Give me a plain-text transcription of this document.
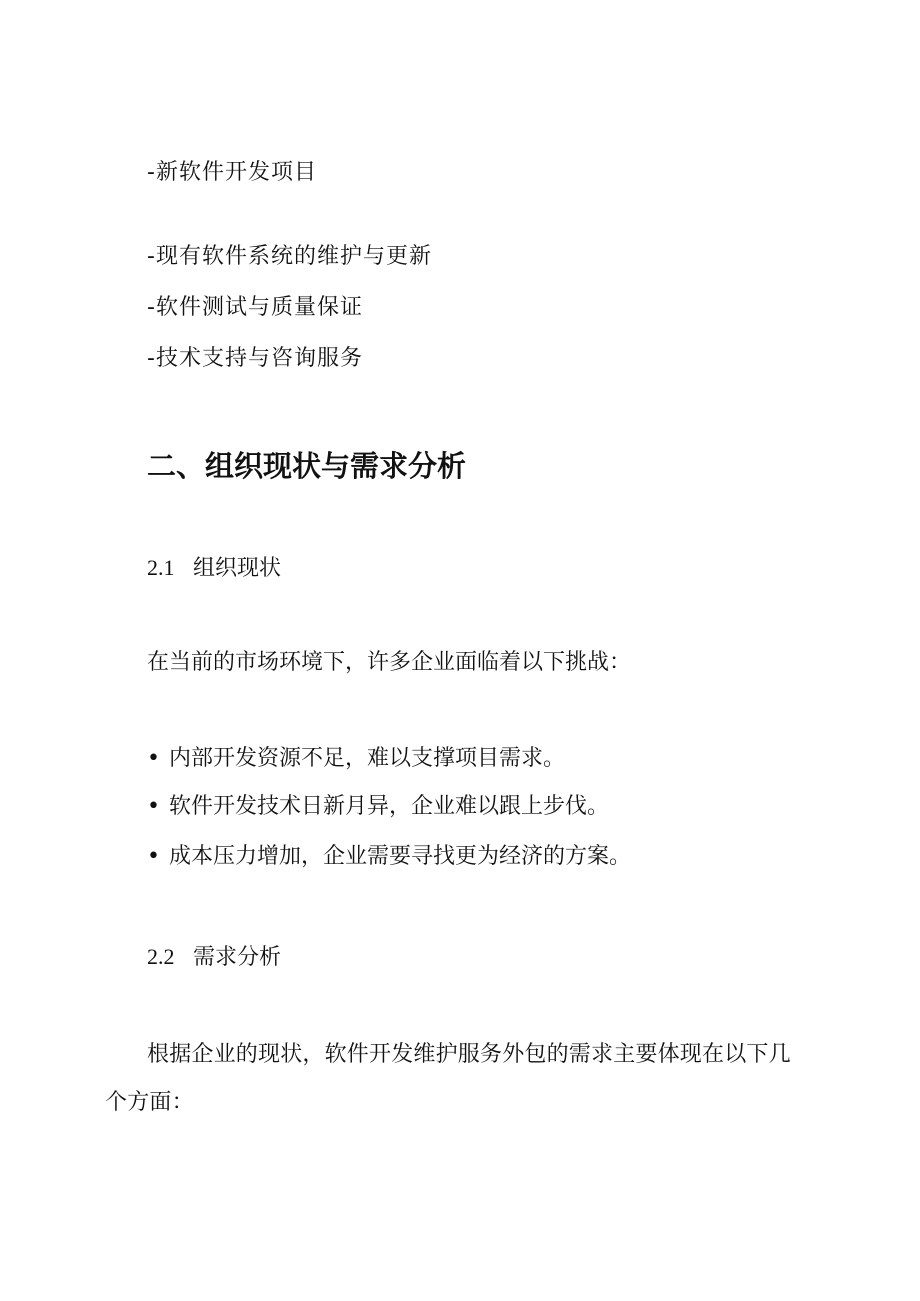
-新软件开发项目
-现有软件系统的维护与更新
-软件测试与质量保证
-技术支持与咨询服务
二、组织现状与需求分析
2.1 组织现状
在当前的市场环境下，许多企业面临着以下挑战：
• 内部开发资源不足，难以支撑项目需求。
• 软件开发技术日新月异，企业难以跟上步伐。
• 成本压力增加，企业需要寻找更为经济的方案。
2.2 需求分析
根据企业的现状，软件开发维护服务外包的需求主要体现在以下几个方面：
